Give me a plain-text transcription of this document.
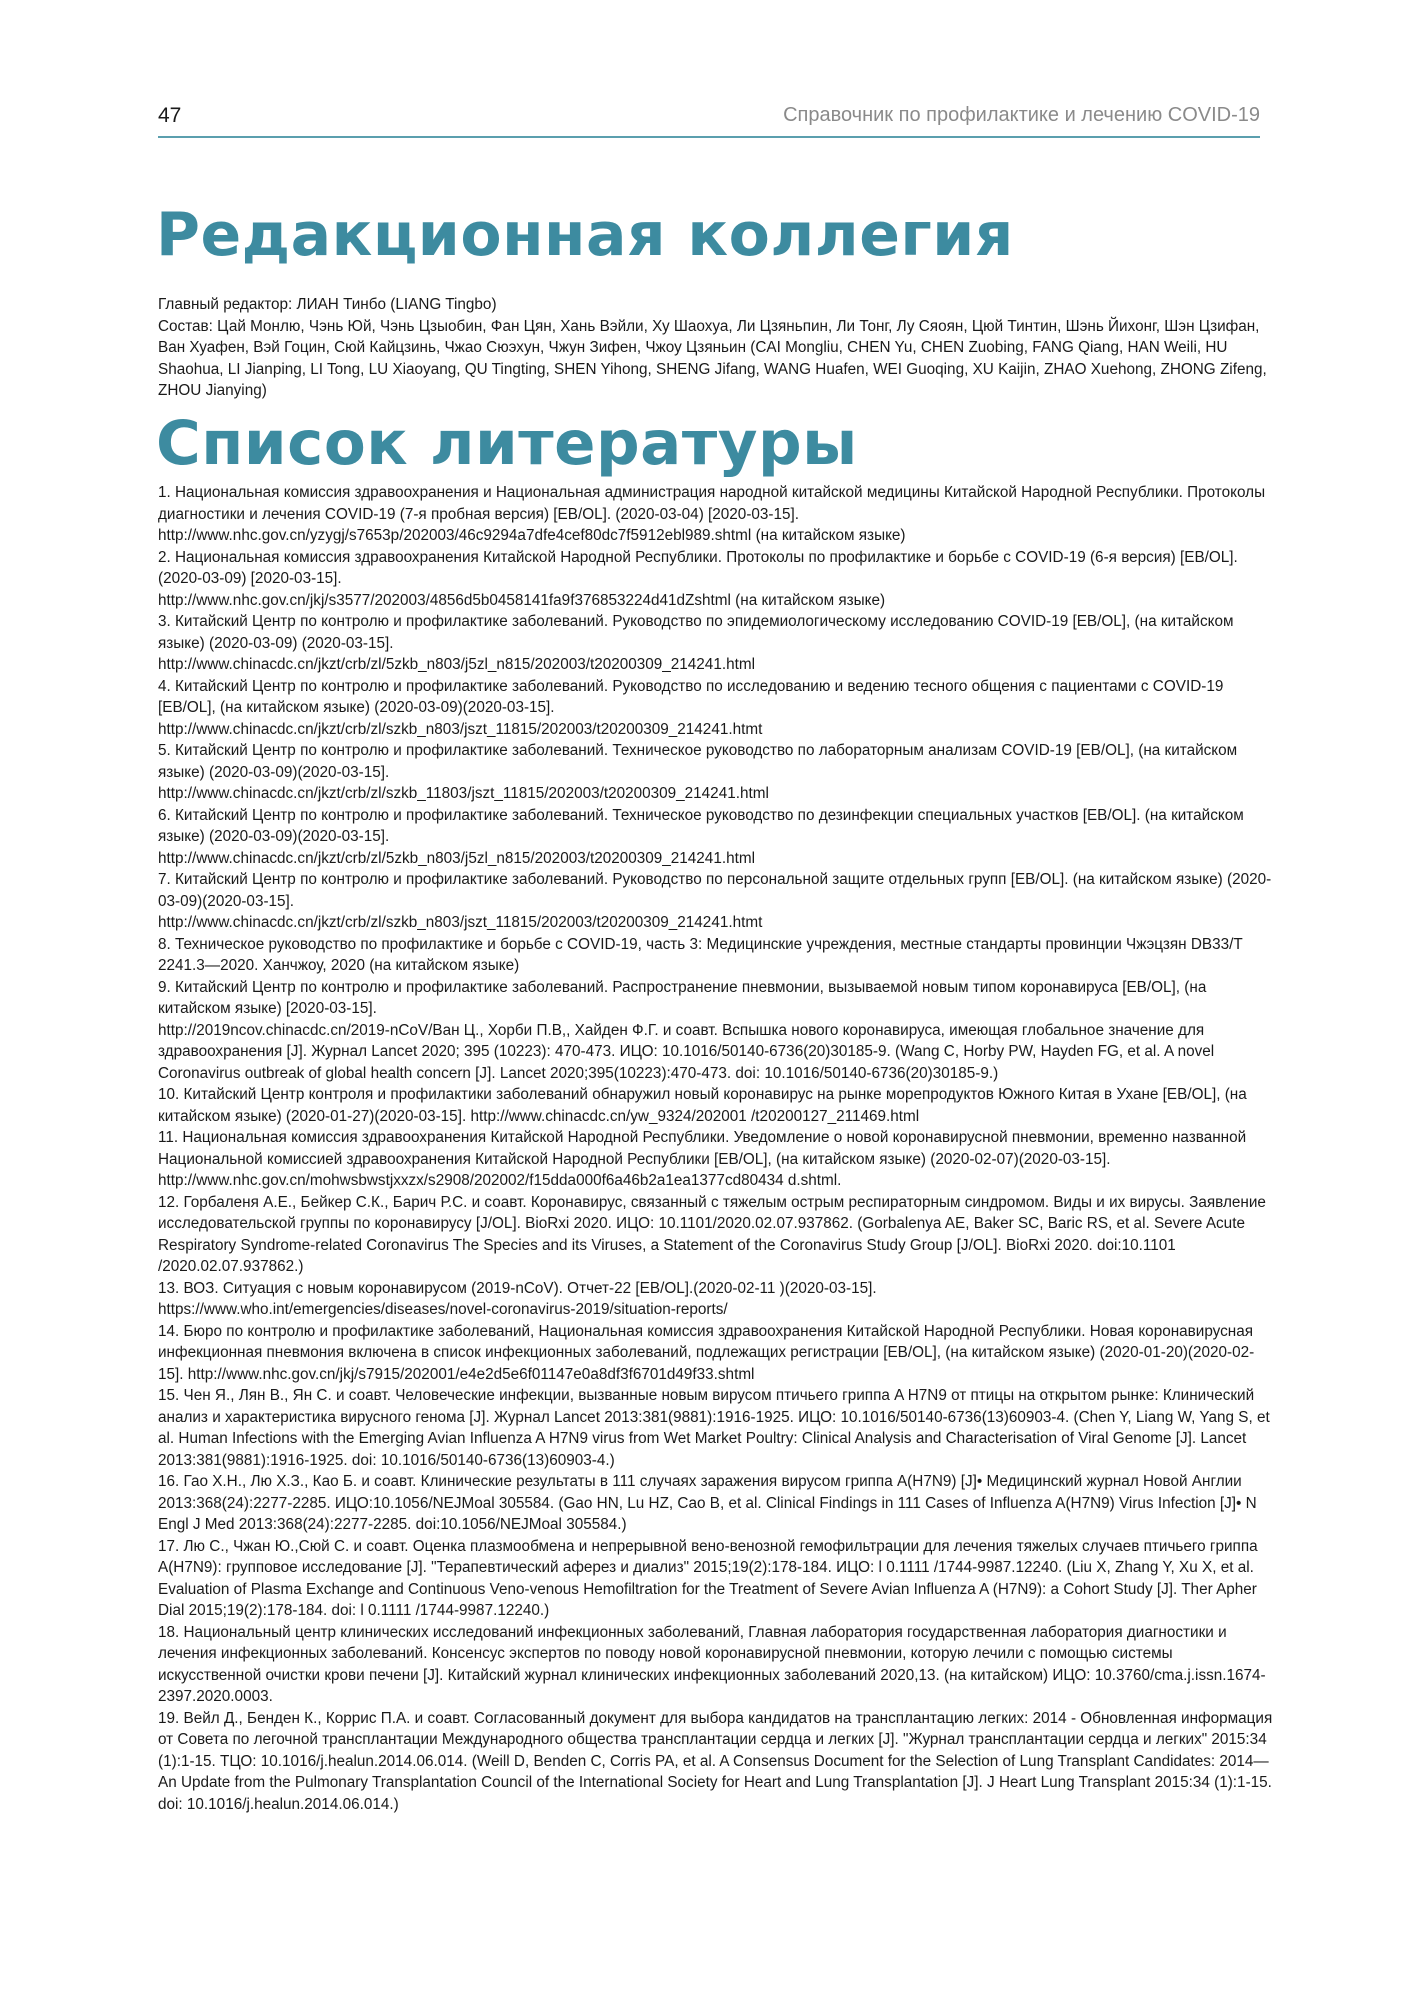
47	Справочник по профилактике и лечению COVID-19
Редакционная коллегия

Главный редактор: ЛИАН Тинбо (LIANG Tingbo)

Состав: Цай Монлю, Чэнь Юй, Чэнь Цзыобин, Фан Цян, Хань Вэйли, Ху Шаохуа, Ли Цзяньпин, Ли Тонг, Лу Сяоян, Цюй Тинтин, Шэнь Йихонг, Шэн Цзифан, Ван Хуафен, Вэй Гоцин, Сюй Кайцзинь, Чжао Сюэхун, Чжун Зифен, Чжоу Цзяньин (CAI Mongliu, CHEN Yu, CHEN Zuobing, FANG Qiang, HAN Weili, HU Shaohua, LI Jianping, LI Tong, LU Xiaoyang, QU Tingting, SHEN Yihong, SHENG Jifang, WANG Huafen, WEI Guoqing, XU Kaijin, ZHAO Xuehong, ZHONG Zifeng, ZHOU Jianying)

Список литературы

1. Национальная комиссия здравоохранения и Национальная администрация народной китайской медицины Китайской Народной Республики. Протоколы диагностики и лечения COVID-19 (7-я пробная версия) [EB/OL]. (2020-03-04) [2020-03-15].

http://www.nhc.gov.cn/yzygj/s7653p/202003/46c9294a7dfe4cef80dc7f5912ebl989.shtml (на китайском языке)

2. Национальная комиссия здравоохранения Китайской Народной Республики. Протоколы по профилактике и борьбе с COVID-19 (6-я версия) [EB/OL]. (2020-03-09) [2020-03-15].

http://www.nhc.gov.cn/jkj/s3577/202003/4856d5b0458141fa9f376853224d41dZshtml (на китайском языке)

3. Китайский Центр по контролю и профилактике заболеваний. Руководство по эпидемиологическому исследованию COVID-19 [EB/OL], (на китайском языке) (2020-03-09) (2020-03-15].

http://www.chinacdc.cn/jkzt/crb/zl/5zkb_n803/j5zl_n815/202003/t20200309_214241.html

4. Китайский Центр по контролю и профилактике заболеваний. Руководство по исследованию и ведению тесного общения с пациентами с COVID-19 [EB/OL], (на китайском языке) (2020-03-09)(2020-03-15].

http://www.chinacdc.cn/jkzt/crb/zl/szkb_n803/jszt_11815/202003/t20200309_214241.htmt

5. Китайский Центр по контролю и профилактике заболеваний. Техническое руководство по лабораторным анализам COVID-19 [EB/OL], (на китайском языке) (2020-03-09)(2020-03-15].

http://www.chinacdc.cn/jkzt/crb/zl/szkb_11803/jszt_11815/202003/t20200309_214241.html

6. Китайский Центр по контролю и профилактике заболеваний. Техническое руководство по дезинфекции специальных участков [EB/OL]. (на китайском языке) (2020-03-09)(2020-03-15].

http://www.chinacdc.cn/jkzt/crb/zl/5zkb_n803/j5zl_n815/202003/t20200309_214241.html

7. Китайский Центр по контролю и профилактике заболеваний. Руководство по персональной защите отдельных групп [EB/OL]. (на китайском языке) (2020-03-09)(2020-03-15].

http://www.chinacdc.cn/jkzt/crb/zl/szkb_n803/jszt_11815/202003/t20200309_214241.htmt

8. Техническое руководство по профилактике и борьбе с COVID-19, часть 3: Медицинские учреждения, местные стандарты провинции Чжэцзян DB33/T 2241.3—2020. Ханчжоу, 2020 (на китайском языке)

9. Китайский Центр по контролю и профилактике заболеваний. Распространение пневмонии, вызываемой новым типом коронавируса [EB/OL], (на китайском языке) [2020-03-15].

http://2019ncov.chinacdc.cn/2019-nCoV/Ван Ц., Хорби П.В,, Хайден Ф.Г. и соавт. Вспышка нового коронавируса, имеющая глобальное значение для здравоохранения [J]. Журнал Lancet 2020; 395 (10223): 470-473. ИЦО: 10.1016/50140-6736(20)30185-9. (Wang C, Horby PW, Hayden FG, et al. A novel Coronavirus outbreak of global health concern [J]. Lancet 2020;395(10223):470-473. doi: 10.1016/50140-6736(20)30185-9.)

10. Китайский Центр контроля и профилактики заболеваний обнаружил новый коронавирус на рынке морепродуктов Южного Китая в Ухане [EB/OL], (на китайском языке) (2020-01-27)(2020-03-15]. http://www.chinacdc.cn/yw_9324/202001 /t20200127_211469.html

11. Национальная комиссия здравоохранения Китайской Народной Республики. Уведомление о новой коронавирусной пневмонии, временно названной Национальной комиссией здравоохранения Китайской Народной Республики [EB/OL], (на китайском языке) (2020-02-07)(2020-03-15].

http://www.nhc.gov.cn/mohwsbwstjxxzx/s2908/202002/f15dda000f6a46b2a1ea1377cd80434 d.shtml.

12. Горбаленя А.Е., Бейкер С.К., Барич Р.С. и соавт. Коронавирус, связанный с тяжелым острым респираторным синдромом. Виды и их вирусы. Заявление исследовательской группы по коронавирусу [J/OL]. BioRxi 2020. ИЦО: 10.1101/2020.02.07.937862. (Gorbalenya AE, Baker SC, Baric RS, et al. Severe Acute Respiratory Syndrome-related Coronavirus The Species and its Viruses, a Statement of the Coronavirus Study Group [J/OL]. BioRxi 2020. doi:10.1101 /2020.02.07.937862.)

13. ВОЗ. Ситуация с новым коронавирусом (2019-nCoV). Отчет-22 [EB/OL].(2020-02-11 )(2020-03-15].

https://www.who.int/emergencies/diseases/novel-coronavirus-2019/situation-reports/

14. Бюро по контролю и профилактике заболеваний, Национальная комиссия здравоохранения Китайской Народной Республики. Новая коронавирусная инфекционная пневмония включена в список инфекционных заболеваний, подлежащих регистрации [EB/OL], (на китайском языке) (2020-01-20)(2020-02-15]. http://www.nhc.gov.cn/jkj/s7915/202001/e4e2d5e6f01147e0a8df3f6701d49f33.shtml

15. Чен Я., Лян В., Ян С. и соавт. Человеческие инфекции, вызванные новым вирусом птичьего гриппа A H7N9 от птицы на открытом рынке: Клинический анализ и характеристика вирусного генома [J]. Журнал Lancet 2013:381(9881):1916-1925. ИЦО: 10.1016/50140-6736(13)60903-4. (Chen Y, Liang W, Yang S, et al. Human Infections with the Emerging Avian Influenza A H7N9 virus from Wet Market Poultry: Clinical Analysis and Characterisation of Viral Genome [J]. Lancet 2013:381(9881):1916-1925. doi: 10.1016/50140-6736(13)60903-4.)

16. Гао Х.Н., Лю Х.З., Као Б. и соавт. Клинические результаты в 111 случаях заражения вирусом гриппа A(H7N9) [J]• Медицинский журнал Новой Англии 2013:368(24):2277-2285. ИЦО:10.1056/NEJMoal 305584. (Gao HN, Lu HZ, Cao B, et al. Clinical Findings in 111 Cases of Influenza A(H7N9) Virus Infection [J]• N Engl J Med 2013:368(24):2277-2285. doi:10.1056/NEJMoal 305584.)

17. Лю С., Чжан Ю.,Сюй С. и соавт. Оценка плазмообмена и непрерывной вено-венозной гемофильтрации для лечения тяжелых случаев птичьего гриппа A(H7N9): групповое исследование [J]. "Терапевтический аферез и диализ" 2015;19(2):178-184. ИЦО: l 0.1111 /1744-9987.12240. (Liu X, Zhang Y, Xu X, et al. Evaluation of Plasma Exchange and Continuous Veno-venous Hemofiltration for the Treatment of Severe Avian Influenza A (H7N9): a Cohort Study [J]. Ther Apher Dial 2015;19(2):178-184. doi: l 0.1111 /1744-9987.12240.)

18. Национальный центр клинических исследований инфекционных заболеваний, Главная лаборатория государственная лаборатория диагностики и лечения инфекционных заболеваний. Консенсус экспертов по поводу новой коронавирусной пневмонии, которую лечили с помощью системы искусственной очистки крови печени [J]. Китайский журнал клинических инфекционных заболеваний 2020,13. (на китайском) ИЦО: 10.3760/cma.j.issn.1674-2397.2020.0003.

19. Вейл Д., Бенден К., Коррис П.А. и соавт. Согласованный документ для выбора кандидатов на трансплантацию легких: 2014 - Обновленная информация от Совета по легочной трансплантации Международного общества трансплантации сердца и легких [J]. "Журнал трансплантации сердца и легких" 2015:34 (1):1-15. ТЦО: 10.1016/j.healun.2014.06.014. (Weill D, Benden C, Corris PA, et al. A Consensus Document for the Selection of Lung Transplant Candidates: 2014—An Update from the Pulmonary Transplantation Council of the International Society for Heart and Lung Transplantation [J]. J Heart Lung Transplant 2015:34 (1):1-15. doi: 10.1016/j.healun.2014.06.014.)
